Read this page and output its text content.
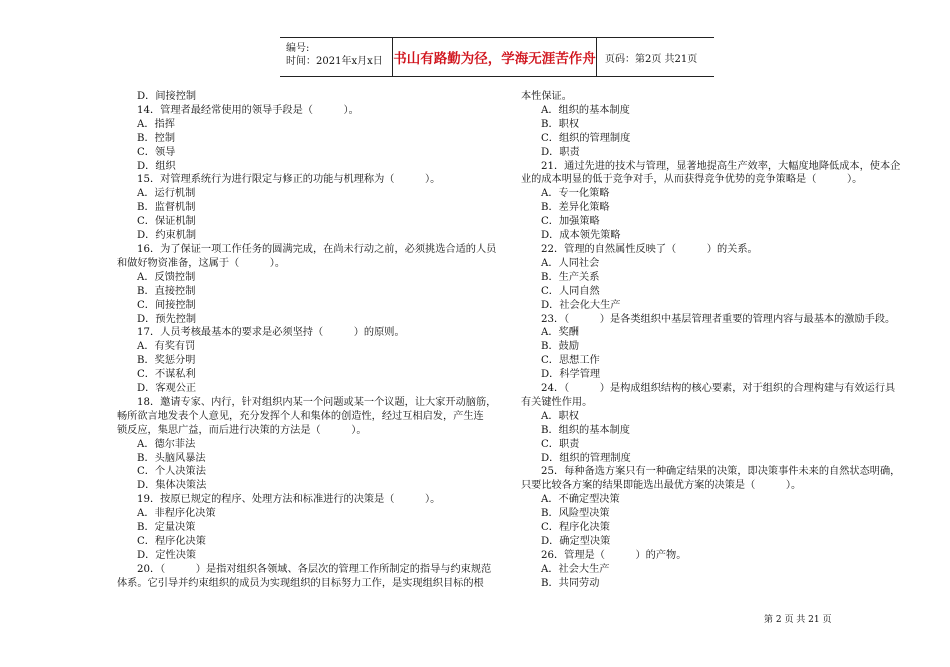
编号:
时间：2021年x月x日 书山有路勤为径，学海无涯苦作舟 页码：第2页 共21页
D．间接控制
14．管理者最经常使用的领导手段是（　　　）。
A．指挥
B．控制
C．领导
D．组织
15．对管理系统行为进行限定与修正的功能与机理称为（　　　）。
A．运行机制
B．监督机制
C．保证机制
D．约束机制
16．为了保证一项工作任务的圆满完成，在尚未行动之前，必须挑选合适的人员
和做好物资准备，这属于（　　　）。
A．反馈控制
B．直接控制
C．间接控制
D．预先控制
17．人员考核最基本的要求是必须坚持（　　　）的原则。
A．有奖有罚
B．奖惩分明
C．不谋私利
D．客观公正
18．邀请专家、内行，针对组织内某一个问题或某一个议题，让大家开动脑筋，
畅所欲言地发表个人意见，充分发挥个人和集体的创造性，经过互相启发，产生连
锁反应，集思广益，而后进行决策的方法是（　　　）。
A．德尔菲法
B．头脑风暴法
C．个人决策法
D．集体决策法
19．按原已规定的程序、处理方法和标准进行的决策是（　　　）。
A．非程序化决策
B．定量决策
C．程序化决策
D．定性决策
20．（　　　）是指对组织各领域、各层次的管理工作所制定的指导与约束规范
体系。它引导并约束组织的成员为实现组织的目标努力工作，是实现组织目标的根
本性保证。
A．组织的基本制度
B．职权
C．组织的管理制度
D．职责
21．通过先进的技术与管理，显著地提高生产效率，大幅度地降低成本，使本企
业的成本明显的低于竞争对手，从而获得竞争优势的竞争策略是（　　　）。
A．专一化策略
B．差异化策略
C．加强策略
D．成本领先策略
22．管理的自然属性反映了（　　　）的关系。
A．人同社会
B．生产关系
C．人同自然
D．社会化大生产
23．（　　　）是各类组织中基层管理者重要的管理内容与最基本的激励手段。
A．奖酬
B．鼓励
C．思想工作
D．科学管理
24．（　　　）是构成组织结构的核心要素，对于组织的合理构建与有效运行具
有关键性作用。
A．职权
B．组织的基本制度
C．职责
D．组织的管理制度
25．每种备选方案只有一种确定结果的决策，即决策事件未来的自然状态明确，
只要比较各方案的结果即能选出最优方案的决策是（　　　）。
A．不确定型决策
B．风险型决策
C．程序化决策
D．确定型决策
26．管理是（　　　）的产物。
A．社会大生产
B．共同劳动
第 2 页 共 21 页
